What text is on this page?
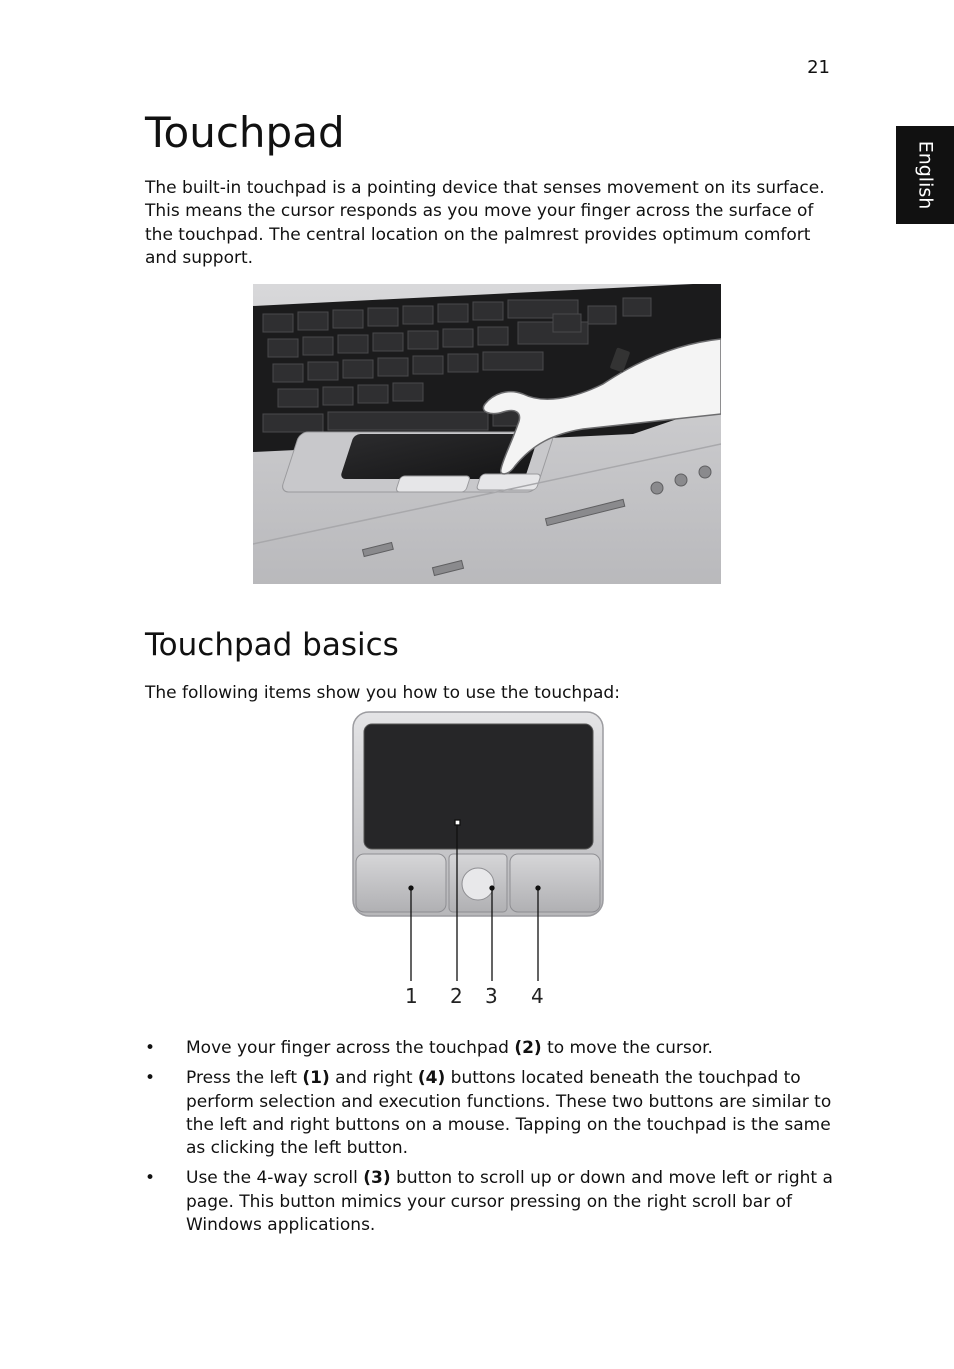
21
English
Touchpad

The built-in touchpad is a pointing device that senses movement on its surface. This means the cursor responds as you move your finger across the surface of the touchpad. The central location on the palmrest provides optimum comfort and support.

Touchpad basics

The following items show you how to use the touchpad:

1 2 3 4
• Move your finger across the touchpad (2) to move the cursor.
• Press the left (1) and right (4) buttons located beneath the touchpad to perform selection and execution functions. These two buttons are similar to the left and right buttons on a mouse. Tapping on the touchpad is the same as clicking the left button.
• Use the 4-way scroll (3) button to scroll up or down and move left or right a page. This button mimics your cursor pressing on the right scroll bar of Windows applications.
